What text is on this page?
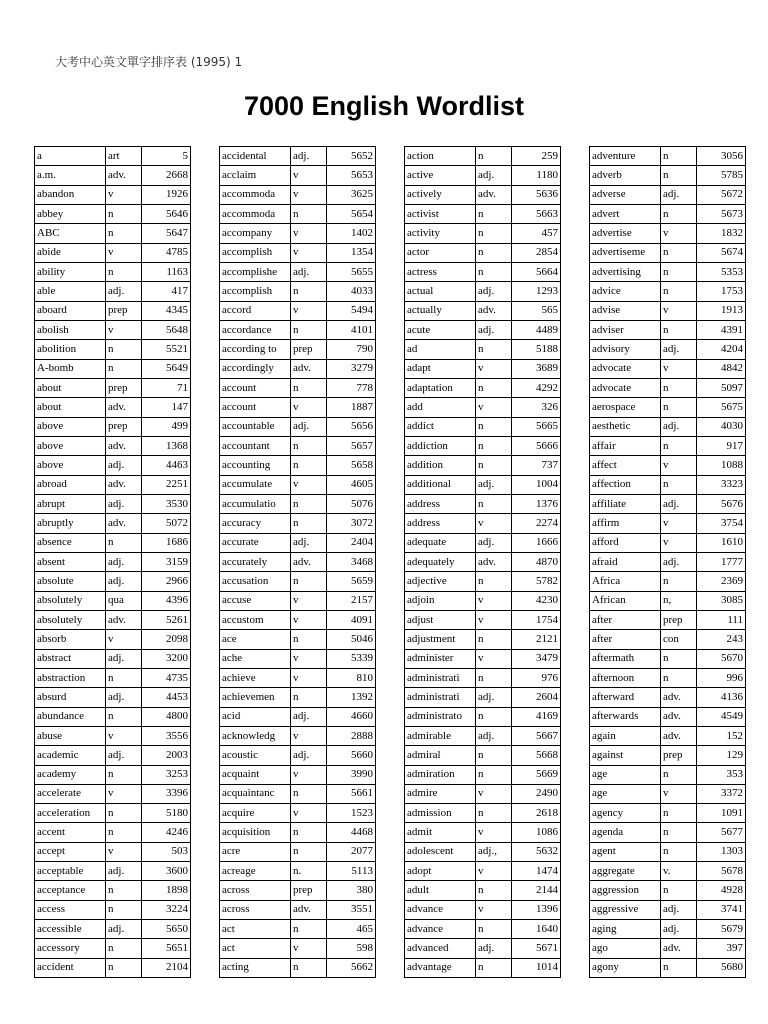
大考中心英文單字排序表 (1995) 1
7000 English Wordlist
a	art	5
a.m.	adv.	2668
abandon	v	1926
abbey	n	5646
ABC	n	5647
abide	v	4785
ability	n	1163
able	adj.	417
aboard	prep	4345
abolish	v	5648
abolition	n	5521
A-bomb	n	5649
about	prep	71
about	adv.	147
above	prep	499
above	adv.	1368
above	adj.	4463
abroad	adv.	2251
abrupt	adj.	3530
abruptly	adv.	5072
absence	n	1686
absent	adj.	3159
absolute	adj.	2966
absolutely	qua	4396
absolutely	adv.	5261
absorb	v	2098
abstract	adj.	3200
abstraction	n	4735
absurd	adj.	4453
abundance	n	4800
abuse	v	3556
academic	adj.	2003
academy	n	3253
accelerate	v	3396
acceleration	n	5180
accent	n	4246
accept	v	503
acceptable	adj.	3600
acceptance	n	1898
access	n	3224
accessible	adj.	5650
accessory	n	5651
accident	n	2104
accidental	adj.	5652
acclaim	v	5653
accommoda	v	3625
accommoda	n	5654
accompany	v	1402
accomplish	v	1354
accomplishe	adj.	5655
accomplish	n	4033
accord	v	5494
accordance	n	4101
according to	prep	790
accordingly	adv.	3279
account	n	778
account	v	1887
accountable	adj.	5656
accountant	n	5657
accounting	n	5658
accumulate	v	4605
accumulatio	n	5076
accuracy	n	3072
accurate	adj.	2404
accurately	adv.	3468
accusation	n	5659
accuse	v	2157
accustom	v	4091
ace	n	5046
ache	v	5339
achieve	v	810
achievemen	n	1392
acid	adj.	4660
acknowledg	v	2888
acoustic	adj.	5660
acquaint	v	3990
acquaintanc	n	5661
acquire	v	1523
acquisition	n	4468
acre	n	2077
acreage	n.	5113
across	prep	380
across	adv.	3551
act	n	465
act	v	598
acting	n	5662
action	n	259
active	adj.	1180
actively	adv.	5636
activist	n	5663
activity	n	457
actor	n	2854
actress	n	5664
actual	adj.	1293
actually	adv.	565
acute	adj.	4489
ad	n	5188
adapt	v	3689
adaptation	n	4292
add	v	326
addict	n	5665
addiction	n	5666
addition	n	737
additional	adj.	1004
address	n	1376
address	v	2274
adequate	adj.	1666
adequately	adv.	4870
adjective	n	5782
adjoin	v	4230
adjust	v	1754
adjustment	n	2121
administer	v	3479
administrati	n	976
administrati	adj.	2604
administrato	n	4169
admirable	adj.	5667
admiral	n	5668
admiration	n	5669
admire	v	2490
admission	n	2618
admit	v	1086
adolescent	adj.,	5632
adopt	v	1474
adult	n	2144
advance	v	1396
advance	n	1640
advanced	adj.	5671
advantage	n	1014
adventure	n	3056
adverb	n	5785
adverse	adj.	5672
advert	n	5673
advertise	v	1832
advertiseme	n	5674
advertising	n	5353
advice	n	1753
advise	v	1913
adviser	n	4391
advisory	adj.	4204
advocate	v	4842
advocate	n	5097
aerospace	n	5675
aesthetic	adj.	4030
affair	n	917
affect	v	1088
affection	n	3323
affiliate	adj.	5676
affirm	v	3754
afford	v	1610
afraid	adj.	1777
Africa	n	2369
African	n,	3085
after	prep	111
after	con	243
aftermath	n	5670
afternoon	n	996
afterward	adv.	4136
afterwards	adv.	4549
again	adv.	152
against	prep	129
age	n	353
age	v	3372
agency	n	1091
agenda	n	5677
agent	n	1303
aggregate	v.	5678
aggression	n	4928
aggressive	adj.	3741
aging	adj.	5679
ago	adv.	397
agony	n	5680
